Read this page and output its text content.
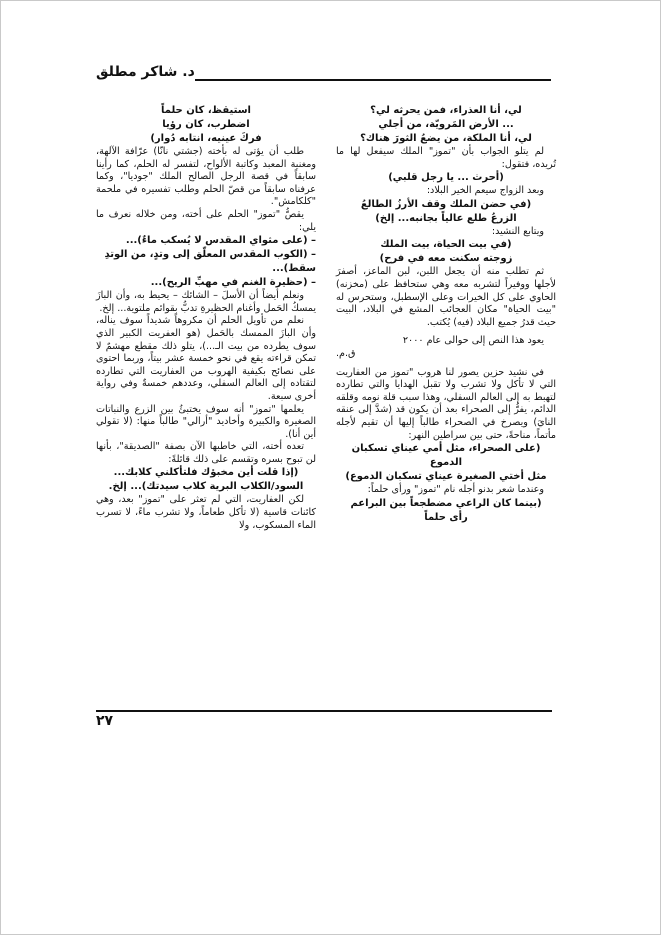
د. شاكر مطلق

لي، أنا العذراء، فمن يحرثه لي؟

... الأرض المَرويّة، من أجلي

لي، أنا الملكة، من يضعُ الثورَ هناك؟

لم يتلو الجواب بأن "تموز" الملك سيفعل لها ما تُريده، فتقول:

(أحرث ... يا رجل قلبي)

وبعد الزواج سيعم الخير البلاد:

(في حضن الملك وقف الأرزُ الطالعُ

الزرعُ طلع عالياً بجانبه... إلخ)

ويتابع النشيد:

(في بيت الحياة، بيت الملك

زوجته سكنت معه في فرح)

ثم تطلب منه أن يجعل اللبن، لبن الماعز، أصفرَ لأجلها ووفيراً لتشربه معه وهي ستحافظ على (مخزنه) الحاوي على كل الخيرات وعلى الإسطبل، وستحرس له "بيت الحياة" مكان العجائب المشع في البلاد، البيت حيث قدرُ جميع البلاد (فيه) يُكتب.

يعود هذا النص إلى حوالى عام ٢٠٠٠

ق.م.

في نشيد حزين يصور لنا هروب "تموز من العفاريت التي لا تأكل ولا تشرب ولا تقبل الهدايا والتي تطارده لتهبط به إلى العالم السفلي، وهذا سبب قلة نومه وقلقه الدائم، يفرُّ إلى الصحراء بعد أن يكون قد (شدَّ إلى عنقه النايَ) ويصرخ في الصحراء طالباً إليها أن تقيم لأجله مأتماً، مناحةً، حتى بين سراطين النهر:

(على الصحراء، مثل أمي عيناي تسكبان

الدموع

مثل أختي الصغيرة عيناي تسكبان الدموع)

وعندما شعر بدنو أجله نام "تموز" ورأى حلماً:

(بينما كان الراعي مضطجعاً بين البراعم

رأى حلماً

استيقظ، كان حلماً

اضطرب، كان رؤيا

فركَ عينيه، انتابه دُوار)

طلب أن يؤتى له بأخته (جشتي نانّا) عرّافة الآلهة، ومغنية المعبد وكاتبة الألواح، لتفسر له الحلم، كما رأينا سابقاً في قصة الرجل الصالح الملك "جوديا"، وكما عرفناه سابقاً من قصّ الحلم وطلب تفسيره في ملحمة "كلكامش".

يقصُّ "تموز" الحلم على أخته، ومن خلاله نعرف ما يلي:

– (على مثواي المقدس لا يُسكب ماءٌ)...

– (الكوب المقدس المعلّق إلى وتدٍ، من الوتدِ سقط)...

– (حظيرة الغنم في مهبِّ الريح)...

ونعلم أيضاً أن الأسلَ – الشائك – يحيط به، وأن البازَ يمسكُ الحَمل وأغنام الحظيرةِ تدبُّ بقوائم ملتوية... إلخ.

نعلم من تأويل الحلم أن مكروهاً شديداً سوف يناله، وأن البازَ الممسك بالحَمل (هو العفريت الكبير الذي سوف يطرده من بيت الـ...)، يتلو ذلك مقطع مهشمٌ لا تمكن قراءته يقع في نحو خمسة عشر بيتاً، وربما احتوى على نصائح بكيفية الهروب من العفاريت التي تطارده لتقتاده إلى العالم السفلي، وعددهم خمسةٌ وفي رواية أخرى سبعة.

يعلمها "تموز" أنه سوف يختبئُ بين الزرع والنباتات الصغيرة والكبيرة وأخاديد "أرالي" طالباً منها: (لا تقولي أين أنا).

تعده أخته، التي خاطبها الآن بصفة "الصديقة"، بأنها لن تبوح بسره وتقسم على ذلك قائلةً:

(إذا قلت أين مخبؤك فلتأكلني كلابك...

السود/الكلاب البرية كلاب سيدتك)... إلخ.

لكن العفاريت، التي لم تعثر على "تموز" بعد، وهي كائنات قاسية (لا تأكل طعاماً، ولا تشرب ماءً، لا تسرب الماء المسكوب، ولا

٢٧
